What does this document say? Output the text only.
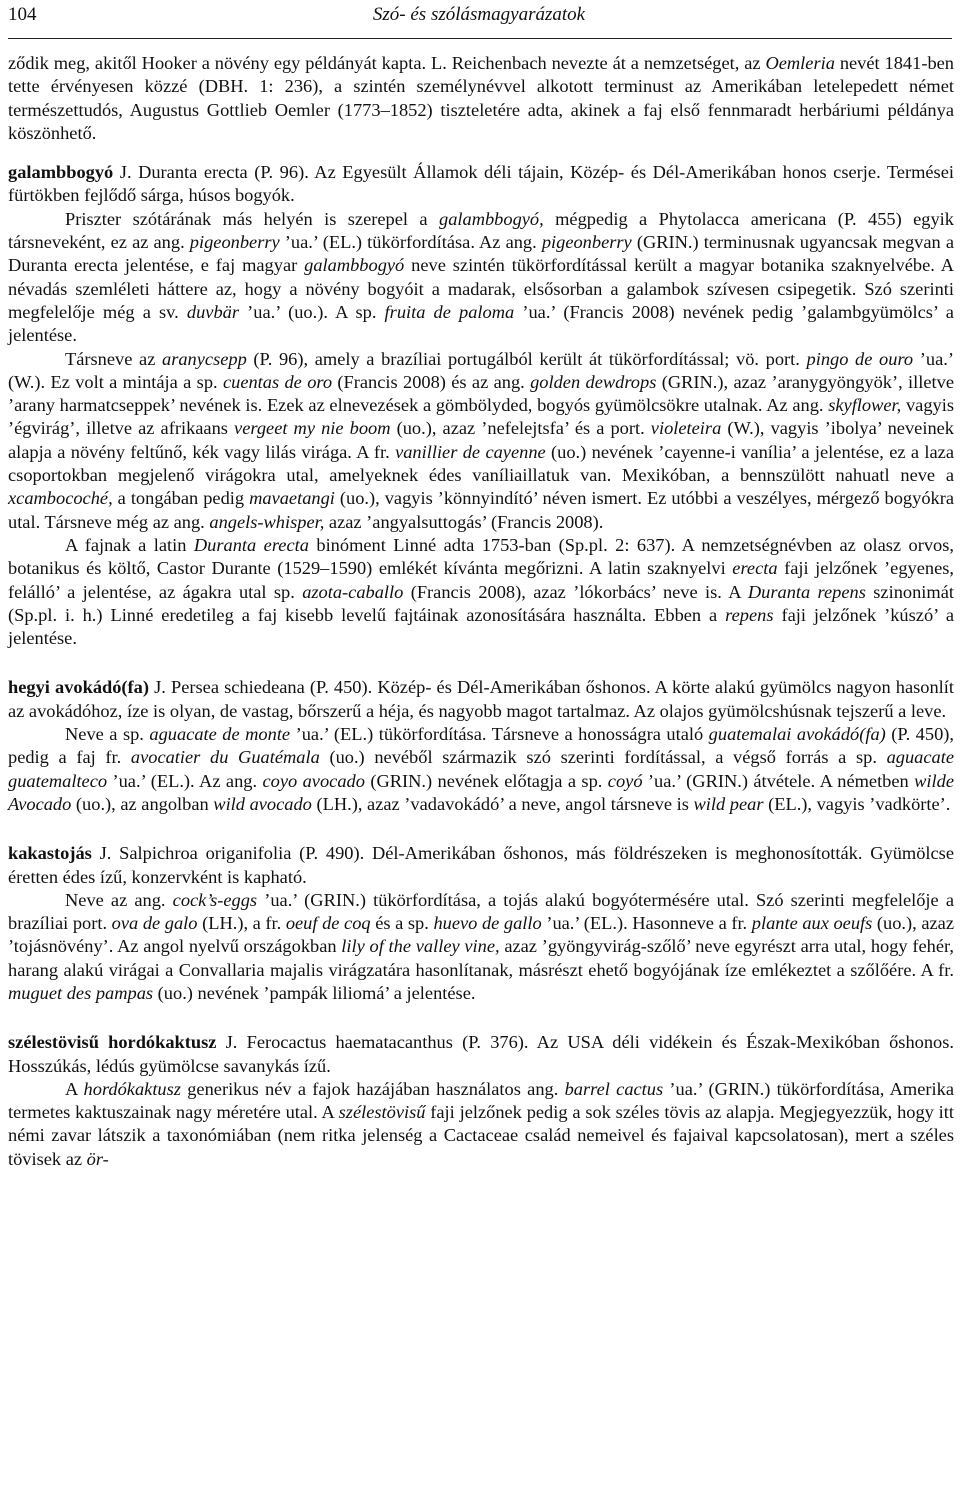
104	Szó- és szólásmagyarázatok

ződik meg, akitől Hooker a növény egy példányát kapta. L. Reichenbach nevezte át a nemzetséget, az Oemleria nevét 1841-ben tette érvényesen közzé (DBH. 1: 236), a szintén személynévvel alkotott terminust az Amerikában letelepedett német természettudós, Augustus Gottlieb Oemler (1773–1852) tiszteletére adta, akinek a faj első fennmaradt herbáriumi példánya köszönhető.

galambbogyó J. Duranta erecta (P. 96). Az Egyesült Államok déli tájain, Közép- és Dél-Amerikában honos cserje. Termései fürtökben fejlődő sárga, húsos bogyók.

Priszter szótárának más helyén is szerepel a galambbogyó, mégpedig a Phytolacca americana (P. 455) egyik társneveként, ez az ang. pigeonberry ’ua.’ (EL.) tükörfordítása. Az ang. pigeonberry (GRIN.) terminusnak ugyancsak megvan a Duranta erecta jelentése, e faj magyar galambbogyó neve szintén tükörfordítással került a magyar botanika szaknyelvébe. A névadás szemléleti háttere az, hogy a növény bogyóit a madarak, elsősorban a galambok szívesen csipegetik. Szó szerinti megfelelője még a sv. duvbär ’ua.’ (uo.). A sp. fruita de paloma ’ua.’ (Francis 2008) nevének pedig ’galambgyümölcs’ a jelentése.

Társneve az aranycsepp (P. 96), amely a brazíliai portugálból került át tükörfordítással; vö. port. pingo de ouro ’ua.’ (W.). Ez volt a mintája a sp. cuentas de oro (Francis 2008) és az ang. golden dewdrops (GRIN.), azaz ’aranygyöngyök’, illetve ’arany harmatcseppek’ nevének is. Ezek az elnevezések a gömbölyded, bogyós gyümölcsökre utalnak. Az ang. skyflower, vagyis ’égvirág’, illetve az afrikaans vergeet my nie boom (uo.), azaz ’nefelejtsfa’ és a port. violeteira (W.), vagyis ’ibolya’ neveinek alapja a növény feltűnő, kék vagy lilás virága. A fr. vanillier de cayenne (uo.) nevének ’cayenne-i vanília’ a jelentése, ez a laza csoportokban megjelenő virágokra utal, amelyeknek édes vaníliaillatuk van. Mexikóban, a bennszülött nahuatl neve a xcambocoché, a tongában pedig mavaetangi (uo.), vagyis ’könnyindító’ néven ismert. Ez utóbbi a veszélyes, mérgező bogyókra utal. Társneve még az ang. angels-whisper, azaz ’angyalsuttogás’ (Francis 2008).

A fajnak a latin Duranta erecta binóment Linné adta 1753-ban (Sp.pl. 2: 637). A nemzetségnévben az olasz orvos, botanikus és költő, Castor Durante (1529–1590) emlékét kívánta megőrizni. A latin szaknyelvi erecta faji jelzőnek ’egyenes, felálló’ a jelentése, az ágakra utal sp. azota-caballo (Francis 2008), azaz ’lókorbács’ neve is. A Duranta repens szinonimát (Sp.pl. i. h.) Linné eredetileg a faj kisebb levelű fajtáinak azonosítására használta. Ebben a repens faji jelzőnek ’kúszó’ a jelentése.

hegyi avokádó(fa) J. Persea schiedeana (P. 450). Közép- és Dél-Amerikában őshonos. A körte alakú gyümölcs nagyon hasonlít az avokádóhoz, íze is olyan, de vastag, bőrszerű a héja, és nagyobb magot tartalmaz. Az olajos gyümölcshúsnak tejszerű a leve.

Neve a sp. aguacate de monte ’ua.’ (EL.) tükörfordítása. Társneve a honosságra utaló guatemalai avokádó(fa) (P. 450), pedig a faj fr. avocatier du Guatémala (uo.) nevéből származik szó szerinti fordítással, a végső forrás a sp. aguacate guatemalteco ’ua.’ (EL.). Az ang. coyo avocado (GRIN.) nevének előtagja a sp. coyó ’ua.’ (GRIN.) átvétele. A németben wilde Avocado (uo.), az angolban wild avocado (LH.), azaz ’vadavokádó’ a neve, angol társneve is wild pear (EL.), vagyis ’vadkörte’.

kakastojás J. Salpichroa origanifolia (P. 490). Dél-Amerikában őshonos, más földrészeken is meghonosították. Gyümölcse éretten édes ízű, konzervként is kapható.

Neve az ang. cock’s-eggs ’ua.’ (GRIN.) tükörfordítása, a tojás alakú bogyótermésére utal. Szó szerinti megfelelője a brazíliai port. ova de galo (LH.), a fr. oeuf de coq és a sp. huevo de gallo ’ua.’ (EL.). Hasonneve a fr. plante aux oeufs (uo.), azaz ’tojásnövény’. Az angol nyelvű országokban lily of the valley vine, azaz ’gyöngyvirág-szőlő’ neve egyrészt arra utal, hogy fehér, harang alakú virágai a Convallaria majalis virágzatára hasonlítanak, másrészt ehető bogyójának íze emlékeztet a szőlőére. A fr. muguet des pampas (uo.) nevének ’pampák liliomá’ a jelentése.

szélestövisű hordókaktusz J. Ferocactus haematacanthus (P. 376). Az USA déli vidékein és Észak-Mexikóban őshonos. Hosszúkás, lédús gyümölcse savanykás ízű.

A hordókaktusz generikus név a fajok hazájában használatos ang. barrel cactus ’ua.’ (GRIN.) tükörfordítása, Amerika termetes kaktuszainak nagy méretére utal. A szélestövisű faji jelzőnek pedig a sok széles tövis az alapja. Megjegyezzük, hogy itt némi zavar látszik a taxonómiában (nem ritka jelenség a Cactaceae család nemeivel és fajaival kapcsolatosan), mert a széles tövisek az ör-
